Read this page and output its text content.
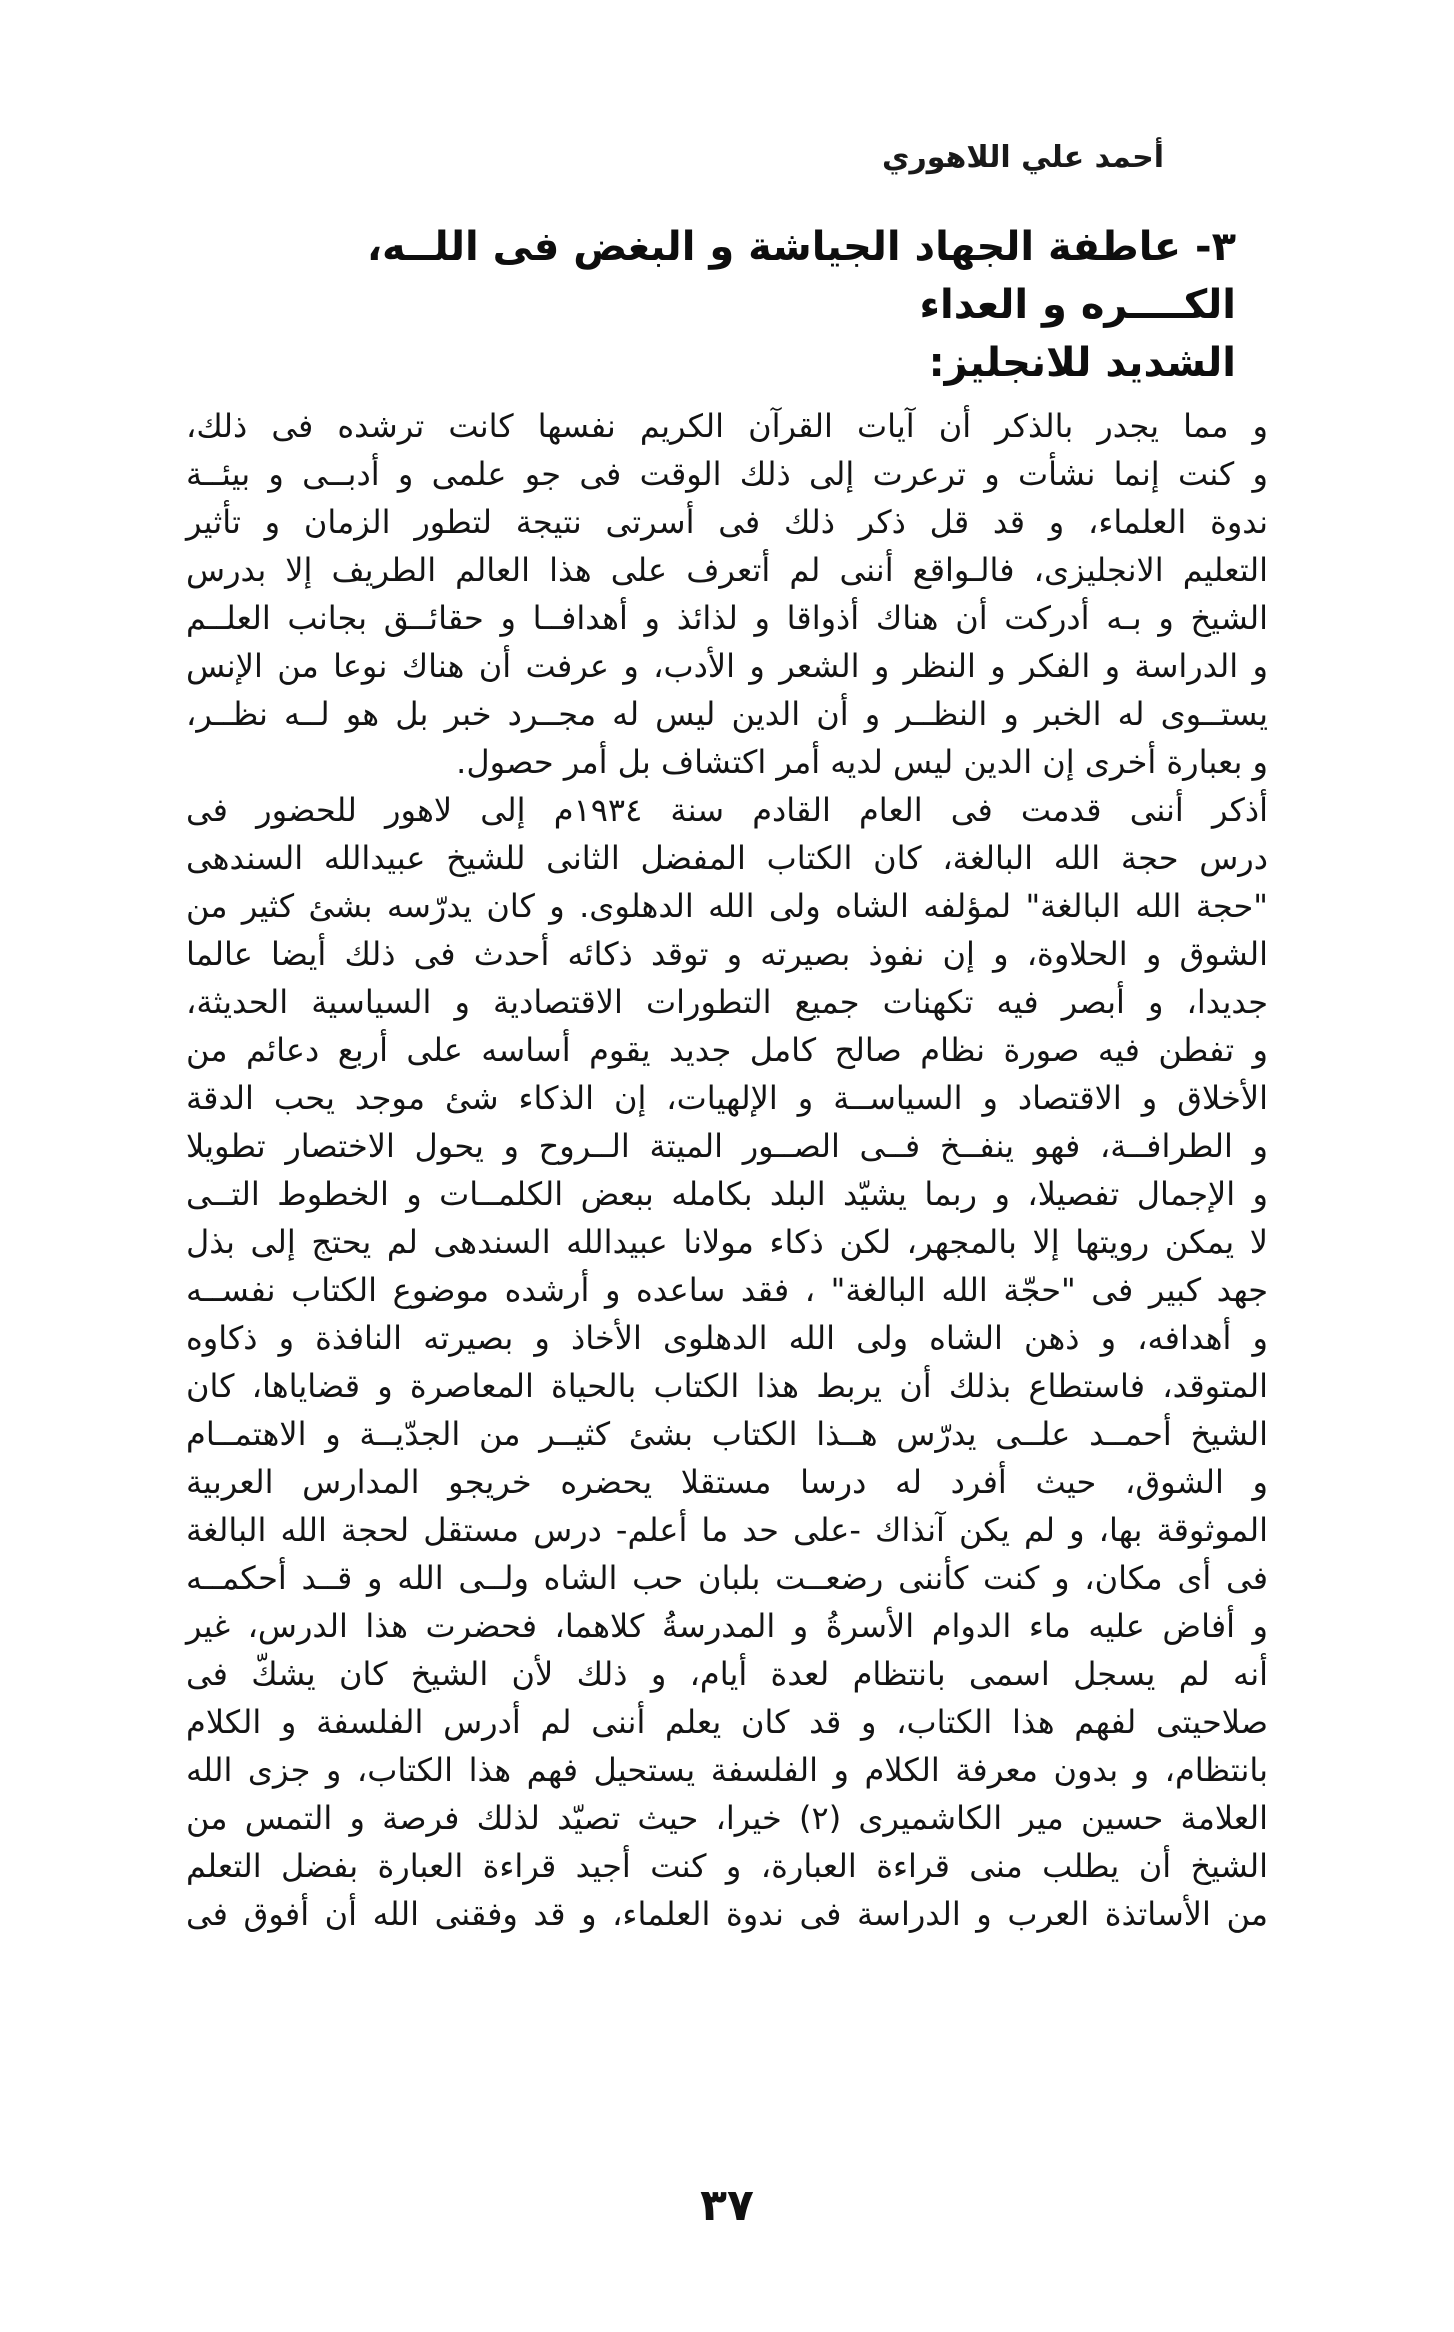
أحمد علي اللاهوري
٣- عاطفة الجهاد الجياشة و البغض فى اللــه، الكــــره و العداء
الشديد للانجليز:
و مما يجدر بالذكر أن آيات القرآن الكريم نفسها كانت ترشده فى ذلك،
و كنت إنما نشأت و ترعرت إلى ذلك الوقت فى جو علمى و أدبــى و بيئــة
ندوة العلماء، و قد قل ذكر ذلك فى أسرتى نتيجة لتطور الزمان و تأثير
التعليم الانجليزى، فالـواقع أننى لم أتعرف على هذا العالم الطريف إلا بدرس
الشيخ و بـه أدركت أن هناك أذواقا و لذائذ و أهدافــا و حقائــق بجانب العلــم
و الدراسة و الفكر و النظر و الشعر و الأدب، و عرفت أن هناك نوعا من الإنس
يستــوى له الخبر و النظــر و أن الدين ليس له مجــرد خبر بل هو لــه نظــر،
و بعبارة أخرى إن الدين ليس لديه أمر اكتشاف بل أمر حصول.
أذكر أننى قدمت فى العام القادم سنة ١٩٣٤م إلى لاهور للحضور فى
درس حجة الله البالغة، كان الكتاب المفضل الثانى للشيخ عبيدالله السندهى
"حجة الله البالغة" لمؤلفه الشاه ولى الله الدهلوى. و كان يدرّسه بشئ كثير من
الشوق و الحلاوة، و إن نفوذ بصيرته و توقد ذكائه أحدث فى ذلك أيضا عالما
جديدا، و أبصر فيه تكهنات جميع التطورات الاقتصادية و السياسية الحديثة،
و تفطن فيه صورة نظام صالح كامل جديد يقوم أساسه على أربع دعائم من
الأخلاق و الاقتصاد و السياســة و الإلهيات، إن الذكاء شئ موجد يحب الدقة
و الطرافــة، فهو ينفــخ فــى الصــور الميتة الــروح و يحول الاختصار تطويلا
و الإجمال تفصيلا، و ربما يشيّد البلد بكامله ببعض الكلمــات و الخطوط التــى
لا يمكن رويتها إلا بالمجهر، لكن ذكاء مولانا عبيدالله السندهى لم يحتج إلى بذل
جهد كبير فى "حجّة الله البالغة" ، فقد ساعده و أرشده موضوع الكتاب نفســه
و أهدافه، و ذهن الشاه ولى الله الدهلوى الأخاذ و بصيرته النافذة و ذكاوه
المتوقد، فاستطاع بذلك أن يربط هذا الكتاب بالحياة المعاصرة و قضاياها، كان
الشيخ أحمــد علــى يدرّس هــذا الكتاب بشئ كثيــر من الجدّيــة و الاهتمــام
و الشوق، حيث أفرد له درسا مستقلا يحضره خريجو المدارس العربية
الموثوقة بها، و لم يكن آنذاك -على حد ما أعلم- درس مستقل لحجة الله البالغة
فى أى مكان، و كنت كأننى رضعــت بلبان حب الشاه ولــى الله و قــد أحكمــه
و أفاض عليه ماء الدوام الأسرةُ و المدرسةُ كلاهما، فحضرت هذا الدرس، غير
أنه لم يسجل اسمى بانتظام لعدة أيام، و ذلك لأن الشيخ كان يشكّ فى
صلاحيتى لفهم هذا الكتاب، و قد كان يعلم أننى لم أدرس الفلسفة و الكلام
بانتظام، و بدون معرفة الكلام و الفلسفة يستحيل فهم هذا الكتاب، و جزى الله
العلامة حسين مير الكاشميرى (٢) خيرا، حيث تصيّد لذلك فرصة و التمس من
الشيخ أن يطلب منى قراءة العبارة، و كنت أجيد قراءة العبارة بفضل التعلم
من الأساتذة العرب و الدراسة فى ندوة العلماء، و قد وفقنى الله أن أفوق فى
٣٧
